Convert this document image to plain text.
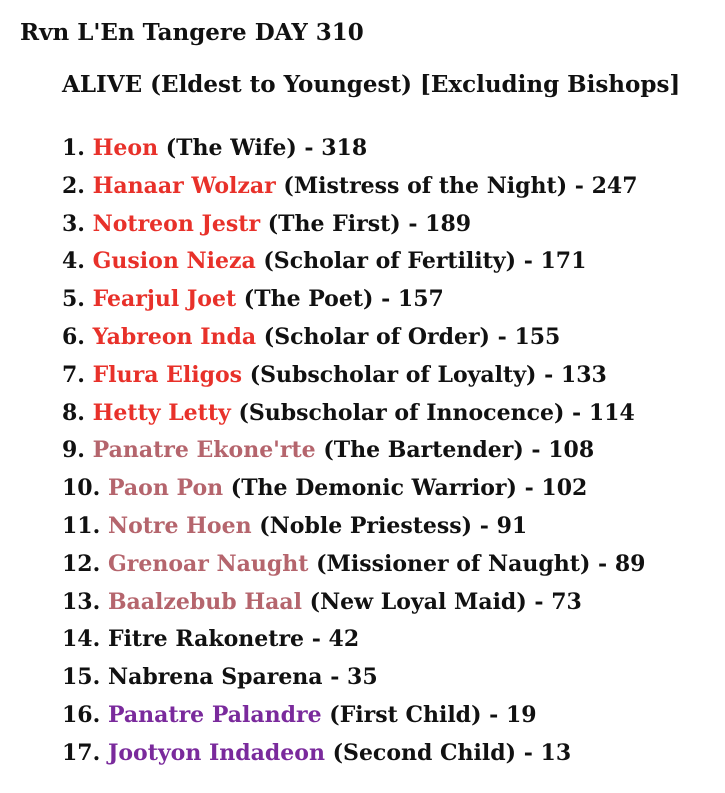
Rvn L'En Tangere DAY 310
ALIVE (Eldest to Youngest) [Excluding Bishops]
1. Heon (The Wife) - 318
2. Hanaar Wolzar (Mistress of the Night) - 247
3. Notreon Jestr (The First) - 189
4. Gusion Nieza (Scholar of Fertility) - 171
5. Fearjul Joet (The Poet) - 157
6. Yabreon Inda (Scholar of Order) - 155
7. Flura Eligos (Subscholar of Loyalty) - 133
8. Hetty Letty (Subscholar of Innocence) - 114
9. Panatre Ekone'rte (The Bartender) - 108
10. Paon Pon (The Demonic Warrior) - 102
11. Notre Hoen (Noble Priestess) - 91
12. Grenoar Naught (Missioner of Naught) - 89
13. Baalzebub Haal (New Loyal Maid) - 73
14. Fitre Rakonetre - 42
15. Nabrena Sparena - 35
16. Panatre Palandre (First Child) - 19
17. Jootyon Indadeon (Second Child) - 13
